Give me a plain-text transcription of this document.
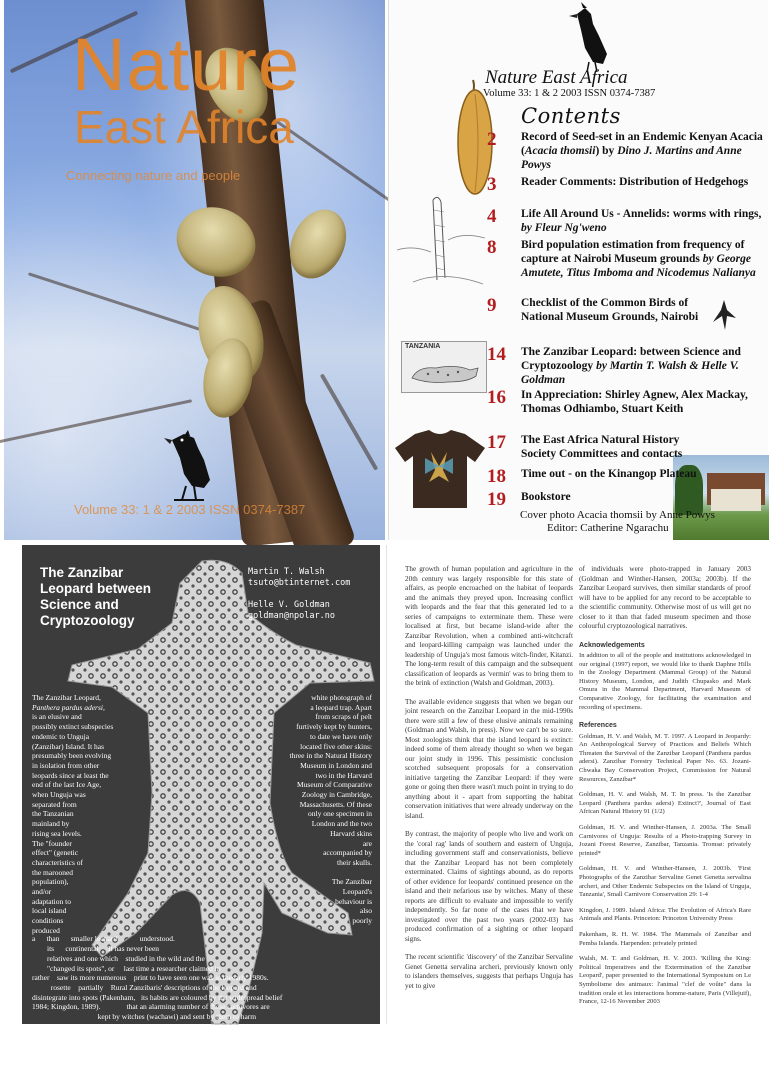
Nature
East Africa
Connecting nature and people
Volume 33: 1 & 2 2003 ISSN 0374-7387
Nature East Africa
Volume 33: 1 & 2 2003 ISSN 0374-7387
Contents
TANZANIA
2	Record of Seed-set in an Endemic Kenyan Acacia (Acacia thomsii) by Dino J. Martins and Anne Powys
3	Reader Comments: Distribution of Hedgehogs
4	Life All Around Us - Annelids: worms with rings, by Fleur Ng'weno
8	Bird population estimation from frequency of capture at Nairobi Museum grounds by George Amutete, Titus Imboma and Nicodemus Nalianya
9	Checklist of the Common Birds of National Museum Grounds, Nairobi
14	The Zanzibar Leopard: between Science and Cryptozoology by Martin T. Walsh & Helle V. Goldman
16	In Appreciation: Shirley Agnew, Alex Mackay, Thomas Odhiambo, Stuart Keith
17	The East Africa Natural History Society Committees and contacts
18	Time out - on the Kinangop Plateau
19	Bookstore
Cover photo Acacia thomsii by Anne Powys
Editor: Catherine Ngarachu
The Zanzibar
Leopard between
Science and
Cryptozoology
Martin T. Walsh
tsuto@btinternet.com

Helle V. Goldman
goldman@npolar.no
The Zanzibar Leopard,
Panthera pardus adersi,
is an elusive and
possibly extinct subspecies
endemic to Unguja
(Zanzibar) Island. It has
presumably been evolving
in isolation from other
leopards since at least the
end of the last Ice Age,
when Unguja was
separated from
the Tanzanian
mainland by
rising sea levels.
The "founder
effect" (genetic
characteristics of
the marooned
population),
and/or
adaptation to
local island
conditions
produced
white photograph of
a leopard trap. Apart
from scraps of pelt
furtively kept by hunters,
to date we have only
located five other skins:
three in the Natural History
Museum in London and
two in the Harvard
Museum of Comparative
Zoology in Cambridge,
Massachusetts. Of these
only one specimen in
London and the two
Harvard skins
are
accompanied by
their skulls.

The Zanzibar
Leopard's
behaviour is
also
poorly

a      than      smaller leopard            understood.
its      continental     It has never been
relatives and one which    studied in the wild and the
"changed its spots", or     last time a researcher claimed in
rather    saw its more numerous    print to have seen one was in theearly 1980s.
rosette    partially    Rural Zanzibaris' descriptions of the leopard and
disintegrate into spots (Pakenham,   its habits are coloured by the widespread belief
1984; Kingdon, 1989).              that an alarming number of these carnivores are
kept by witches (wachawi) and sent by them to harm
Not much is known about the biology   or otherwise harass their fellow villagers. This
of the Zanzibar Leopard. Visitors to  belief comes together with an elaborate package of
the natural history section of the    ideas about how leopards are bred, trained,
Zanzibar Museum will be familiar      exchanged and sent to do the evil bidding of their

The growth of human population and agriculture in the 20th century was largely responsible for this state of affairs, as people encroached on the habitat of leopards and the animals they preyed upon. Increasing conflict with leopards and the fear that this generated led to a series of campaigns to exterminate them. These were localised at first, but became island-wide after the Zanzibar Revolution, when a combined anti-witchcraft and leopard-killing campaign was launched under the leadership of Unguja's most famous witch-finder, Kitanzi. The long-term result of this campaign and the subsequent classification of leopards as 'vermin' was to bring them to the brink of extinction (Walsh and Goldman, 2003).

The available evidence suggests that when we began our joint research on the Zanzibar Leopard in the mid-1990s there were still a few of these elusive animals remaining (Goldman and Walsh, in press). Now we can't be so sure. Most zoologists think that the island leopard is extinct: indeed some of them already thought so when we began our joint study in 1996. This pessimistic conclusion scotched subsequent proposals for a conservation initiative targeting the Zanzibar Leopard: if they were gone or going then there wasn't much point in trying to do anything about it - apart from supporting the habitat conservation initiatives that were already underway on the island.

By contrast, the majority of people who live and work on the 'coral rag' lands of southern and eastern of Unguja, including government staff and conservationists, believe that the Zanzibar Leopard has not been completely exterminated. Claims of sightings abound, as do reports of other evidence for leopards' continued presence on the island and their nefarious use by witches. Many of these reports are difficult to evaluate and impossible to verify independently. So far none of the cases that we have investigated over the past two years (2002-03) has produced confirmation of a sighting or other leopard signs.

The recent scientific 'discovery' of the Zanzibar Servaline Genet Genetta servalina archeri, previously known only to islanders themselves, suggests that perhaps Unguja has yet to give

of individuals were photo-trapped in January 2003 (Goldman and Winther-Hansen, 2003a; 2003b). If the Zanzibar Leopard survives, then similar standards of proof will have to be applied for any record to be acceptable to the scientific community. Otherwise most of us will get no closer to it than that faded museum specimen and those colourful cryptozoological narratives.

Acknowledgements

In addition to all of the people and institutions acknowledged in our original (1997) report, we would like to thank Daphne Hills in the Zoology Department (Mammal Group) of the Natural History Museum, London, and Judith Chupasko and Mark Omura in the Mammal Department, Harvard Museum of Comparative Zoology, for facilitating the examination and recording of specimens.

References

Goldman, H. V. and Walsh, M. T. 1997. A Leopard in Jeopardy: An Anthropological Survey of Practices and Beliefs Which Threaten the Survival of the Zanzibar Leopard (Panthera pardus adersi). Zanzibar Forestry Technical Paper No. 63. Jozani-Chwaka Bay Conservation Project, Commission for Natural Resources, Zanzibar*

Goldman, H. V. and Walsh, M. T. In press. 'Is the Zanzibar Leopard (Panthera pardus adersi) Extinct?', Journal of East African Natural History 91 (1/2)

Goldman, H. V. and Winther-Hansen, J. 2003a. The Small Carnivores of Unguja: Results of a Photo-trapping Survey in Jozani Forest Reserve, Zanzibar, Tanzania. Tromsø: privately printed*

Goldman, H. V. and Winther-Hansen, J. 2003b. 'First Photographs of the Zanzibar Servaline Genet Genetta servalina archeri, and Other Endemic Subspecies on the Island of Unguja, Tanzania', Small Carnivore Conservation 29: 1-4

Kingdon, J. 1989. Island Africa: The Evolution of Africa's Rare Animals and Plants. Princeton: Princeton University Press

Pakenham, R. H. W. 1984. The Mammals of Zanzibar and Pemba Islands. Harpenden: privately printed

Walsh, M. T. and Goldman, H. V. 2003. 'Killing the King: Political Imperatives and the Extermination of the Zanzibar Leopard', paper presented to the International Symposium on Le Symbolisme des animaux: l'animal "clef de voûte" dans la tradition orale et les interactions homme-nature, Paris (Villejuif), France, 12-16 November 2003
